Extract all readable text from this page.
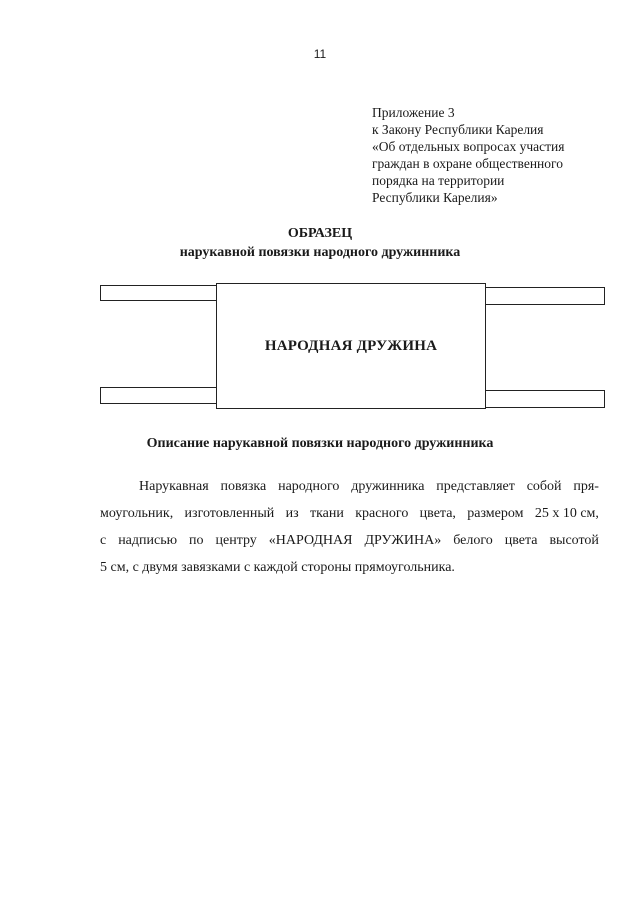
11
Приложение 3
к Закону Республики Карелия
«Об отдельных вопросах участия
граждан в охране общественного
порядка на территории
Республики Карелия»
ОБРАЗЕЦ
нарукавной повязки народного дружинника
НАРОДНАЯ ДРУЖИНА
Описание нарукавной повязки народного дружинника
Нарукавная повязка народного дружинника представляет собой пря-
моугольник, изготовленный из ткани красного цвета, размером 25 х 10 см,
с надписью по центру «НАРОДНАЯ ДРУЖИНА» белого цвета высотой
5 см, с двумя завязками с каждой стороны прямоугольника.
